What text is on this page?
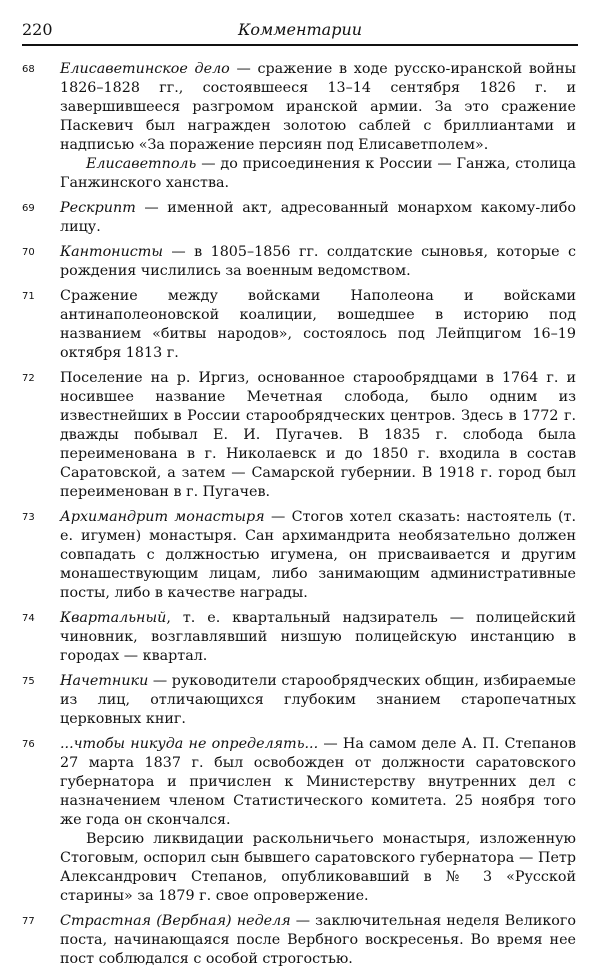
220	Комментарии
68 Елисаветинское дело — сражение в ходе русско-иранской войны 1826–1828 гг., состоявшееся 13–14 сентября 1826 г. и завершившееся разгромом иранской армии. За это сражение Паскевич был награжден золотою саблей с бриллиантами и надписью «За поражение персиян под Елисаветполем».

Елисаветполь — до присоединения к России — Ганжа, столица Ганжинского ханства.

69 Рескрипт — именной акт, адресованный монархом какому-либо лицу.

70 Кантонисты — в 1805–1856 гг. солдатские сыновья, которые с рождения числились за военным ведомством.

71 Сражение между войсками Наполеона и войсками антинаполеоновской коалиции, вошедшее в историю под названием «битвы народов», состоялось под Лейпцигом 16–19 октября 1813 г.

72 Поселение на р. Иргиз, основанное старообрядцами в 1764 г. и носившее название Мечетная слобода, было одним из известнейших в России старообрядческих центров. Здесь в 1772 г. дважды побывал Е. И. Пугачев. В 1835 г. слобода была переименована в г. Николаевск и до 1850 г. входила в состав Саратовской, а затем — Самарской губернии. В 1918 г. город был переименован в г. Пугачев.

73 Архимандрит монастыря — Стогов хотел сказать: настоятель (т. е. игумен) монастыря. Сан архимандрита необязательно должен совпадать с должностью игумена, он присваивается и другим монашествующим лицам, либо занимающим административные посты, либо в качестве награды.

74 Квартальный, т. е. квартальный надзиратель — полицейский чиновник, возглавлявший низшую полицейскую инстанцию в городах — квартал.

75 Начетники — руководители старообрядческих общин, избираемые из лиц, отличающихся глубоким знанием старопечатных церковных книг.

76 ...чтобы никуда не определять... — На самом деле А. П. Степанов 27 марта 1837 г. был освобожден от должности саратовского губернатора и причислен к Министерству внутренних дел с назначением членом Статистического комитета. 25 ноября того же года он скончался.

Версию ликвидации раскольничьего монастыря, изложенную Стоговым, оспорил сын бывшего саратовского губернатора — Петр Александрович Степанов, опубликовавший в № 3 «Русской старины» за 1879 г. свое опровержение.

77 Страстная (Вербная) неделя — заключительная неделя Великого поста, начинающаяся после Вербного воскресенья. Во время нее пост соблюдался с особой строгостью.
